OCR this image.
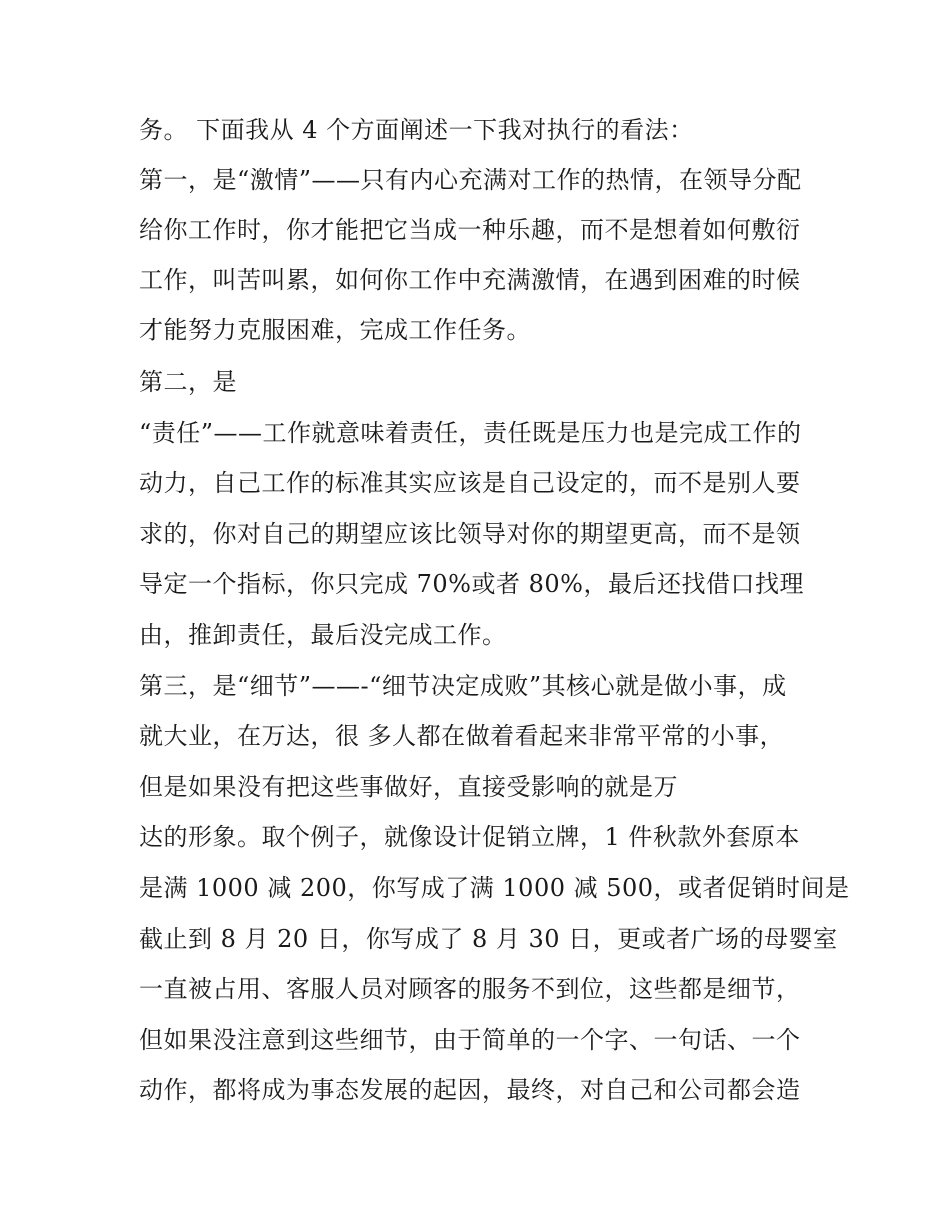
务。 下面我从 4 个方面阐述一下我对执行的看法：
第一，是“激情”——只有内心充满对工作的热情，在领导分配
给你工作时，你才能把它当成一种乐趣，而不是想着如何敷衍
工作，叫苦叫累，如何你工作中充满激情，在遇到困难的时候
才能努力克服困难，完成工作任务。
第二，是
“责任”——工作就意味着责任，责任既是压力也是完成工作的
动力，自己工作的标准其实应该是自己设定的，而不是别人要
求的，你对自己的期望应该比领导对你的期望更高，而不是领
导定一个指标，你只完成 70%或者 80%，最后还找借口找理
由，推卸责任，最后没完成工作。
第三，是“细节”——-“细节决定成败”其核心就是做小事，成
就大业，在万达，很 多人都在做着看起来非常平常的小事，
但是如果没有把这些事做好，直接受影响的就是万
达的形象。取个例子，就像设计促销立牌，1 件秋款外套原本
是满 1000 减 200，你写成了满 1000 减 500，或者促销时间是
截止到 8 月 20 日，你写成了 8 月 30 日，更或者广场的母婴室
一直被占用、客服人员对顾客的服务不到位，这些都是细节，
但如果没注意到这些细节，由于简单的一个字、一句话、一个
动作，都将成为事态发展的起因，最终，对自己和公司都会造
